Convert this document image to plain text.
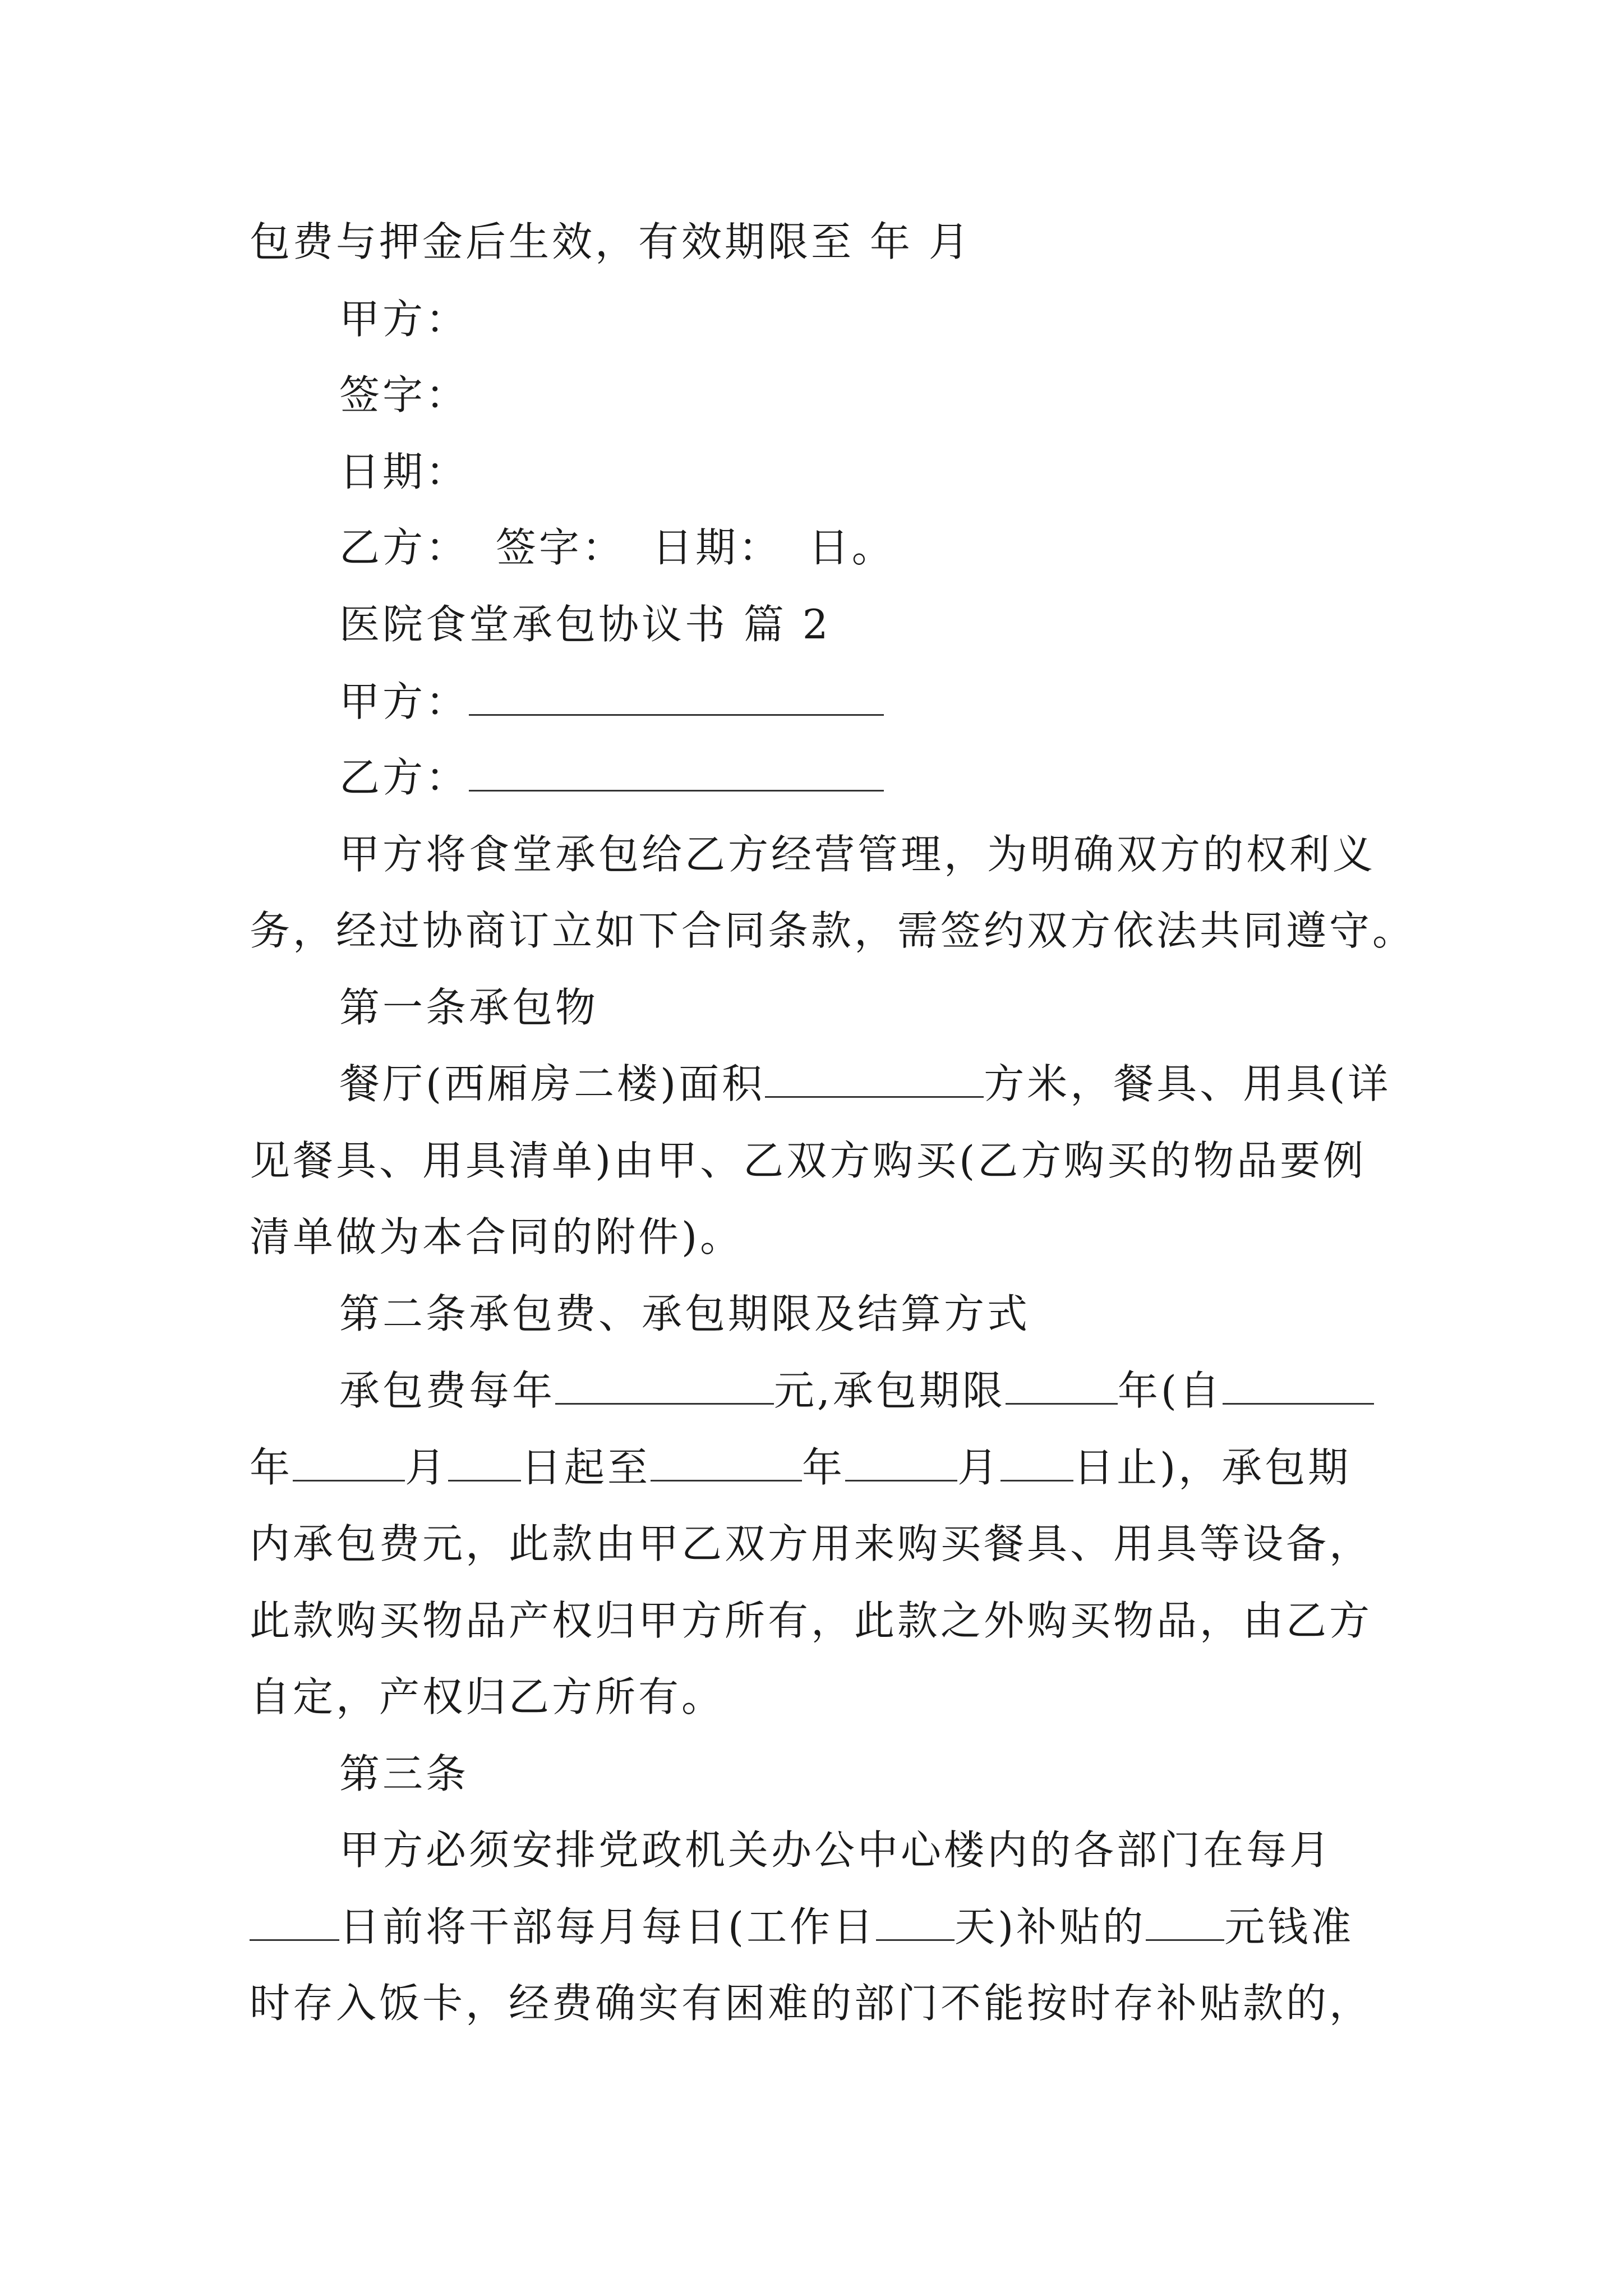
包费与押金后生效，有效期限至 年 月
甲方：
签字：
日期：
乙方： 签字： 日期： 日。
医院食堂承包协议书 篇 2
甲方：
乙方：
甲方将食堂承包给乙方经营管理，为明确双方的权利义
务，经过协商订立如下合同条款，需签约双方依法共同遵守。
第一条承包物
餐厅(西厢房二楼)面积	方米，餐具、用具(详
见餐具、用具清单)由甲、乙双方购买(乙方购买的物品要例
清单做为本合同的附件)。
第二条承包费、承包期限及结算方式
承包费每年	元,承包期限	年(自
年	月 日起至	年	月 日止)，承包期
内承包费元，此款由甲乙双方用来购买餐具、用具等设备，
此款购买物品产权归甲方所有，此款之外购买物品，由乙方
自定，产权归乙方所有。
第三条
甲方必须安排党政机关办公中心楼内的各部门在每月
日前将干部每月每日(工作日 天)补贴的 元钱准
时存入饭卡，经费确实有困难的部门不能按时存补贴款的，
